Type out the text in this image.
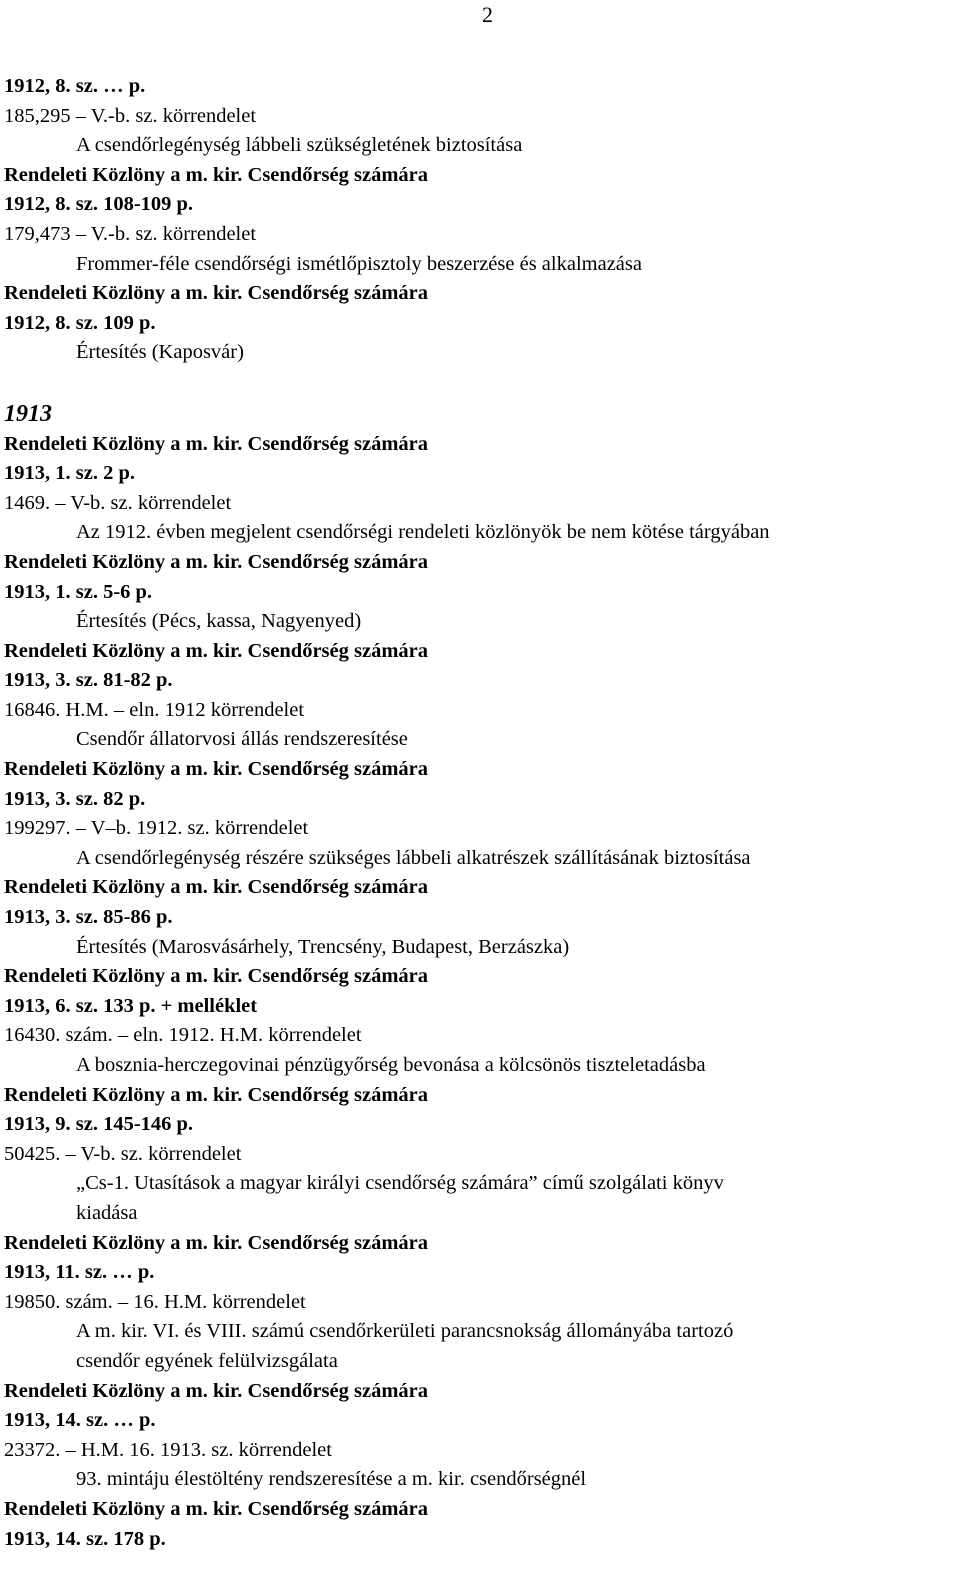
2
1912, 8. sz. … p.
185,295 – V.-b. sz. körrendelet
A csendőrlegénység lábbeli szükségletének biztosítása
Rendeleti Közlöny a m. kir. Csendőrség számára
1912, 8. sz. 108-109 p.
179,473 – V.-b. sz. körrendelet
Frommer-féle csendőrségi ismétlőpisztoly beszerzése és alkalmazása
Rendeleti Közlöny a m. kir. Csendőrség számára
1912, 8. sz. 109 p.
Értesítés (Kaposvár)
1913
Rendeleti Közlöny a m. kir. Csendőrség számára
1913, 1. sz. 2 p.
1469. – V-b. sz. körrendelet
Az 1912. évben megjelent csendőrségi rendeleti közlönyök be nem kötése tárgyában
Rendeleti Közlöny a m. kir. Csendőrség számára
1913, 1. sz. 5-6 p.
Értesítés (Pécs, kassa, Nagyenyed)
Rendeleti Közlöny a m. kir. Csendőrség számára
1913, 3. sz. 81-82 p.
16846. H.M. – eln. 1912 körrendelet
Csendőr állatorvosi állás rendszeresítése
Rendeleti Közlöny a m. kir. Csendőrség számára
1913, 3. sz. 82 p.
199297. – V–b. 1912. sz. körrendelet
A csendőrlegénység részére szükséges lábbeli alkatrészek szállításának biztosítása
Rendeleti Közlöny a m. kir. Csendőrség számára
1913, 3. sz. 85-86 p.
Értesítés (Marosvásárhely, Trencsény, Budapest, Berzászka)
Rendeleti Közlöny a m. kir. Csendőrség számára
1913, 6. sz. 133 p. + melléklet
16430. szám. – eln. 1912. H.M. körrendelet
A bosznia-herczegovinai pénzügyőrség bevonása a kölcsönös tiszteletadásba
Rendeleti Közlöny a m. kir. Csendőrség számára
1913, 9. sz. 145-146 p.
50425. – V-b. sz. körrendelet
„Cs-1. Utasítások a magyar királyi csendőrség számára” című szolgálati könyv
kiadása
Rendeleti Közlöny a m. kir. Csendőrség számára
1913, 11. sz. … p.
19850. szám. – 16. H.M. körrendelet
A m. kir. VI. és VIII. számú csendőrkerületi parancsnokság állományába tartozó
csendőr egyének felülvizsgálata
Rendeleti Közlöny a m. kir. Csendőrség számára
1913, 14. sz. … p.
23372. – H.M. 16. 1913. sz. körrendelet
93. mintáju élestöltény rendszeresítése a m. kir. csendőrségnél
Rendeleti Közlöny a m. kir. Csendőrség számára
1913, 14. sz. 178 p.
